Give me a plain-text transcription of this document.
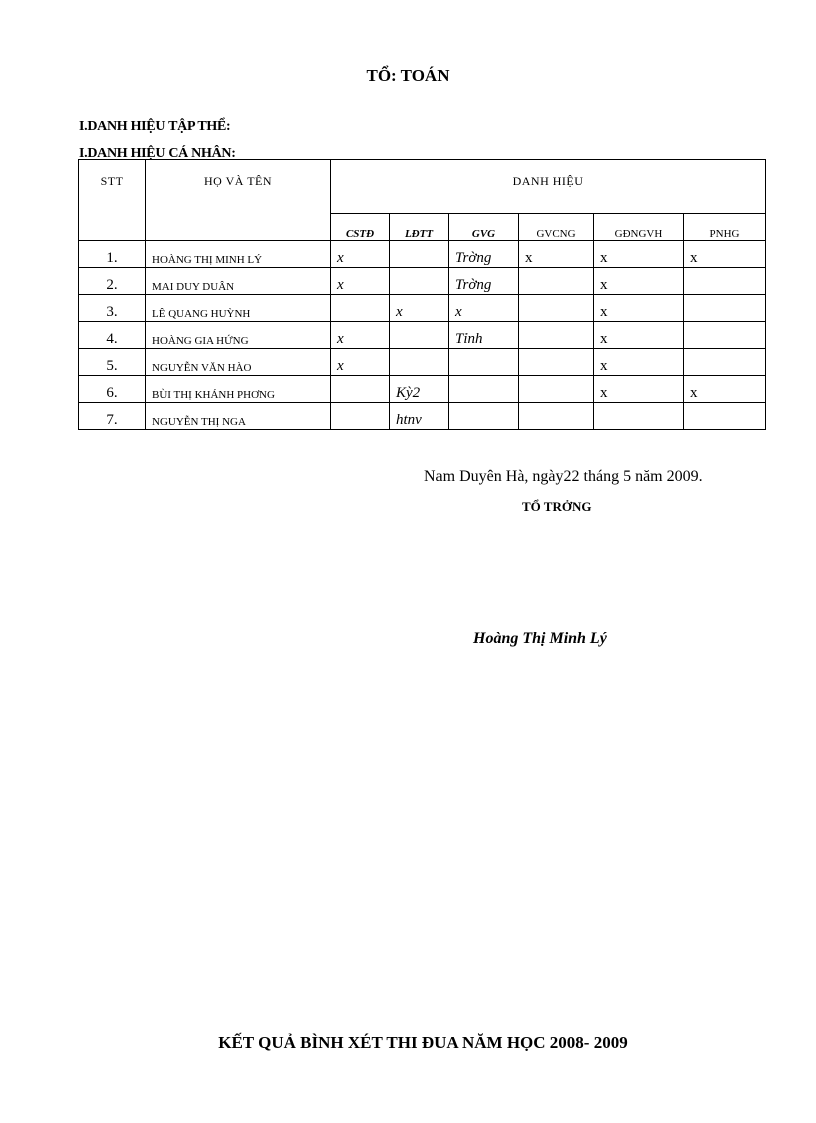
TỔ: TOÁN
I.DANH HIỆU TẬP THỂ:
I.DANH HIỆU CÁ NHÂN:
STT	HỌ VÀ TÊN	DANH HIỆU					
		CSTĐ	LĐTT	GVG	GVCNG	GĐNGVH	PNHG
1.	HOÀNG THỊ MINH LÝ	x		Trờng	x	x	x
2.	MAI DUY DUÂN	x		Trờng		x	
3.	LÊ QUANG HUỲNH		x	x		x	
4.	HOÀNG GIA HỨNG	x		Tỉnh		x	
5.	NGUYỄN VĂN HÀO	x				x	
6.	BÙI THỊ KHÁNH PHƠNG		Kỳ2			x	x
7.	NGUYỄN THỊ NGA		htnv				
Nam Duyên Hà, ngày22 tháng 5 năm 2009.
TỔ TRỞNG
Hoàng Thị Minh Lý
KẾT QUẢ BÌNH XÉT THI ĐUA NĂM HỌC 2008- 2009
